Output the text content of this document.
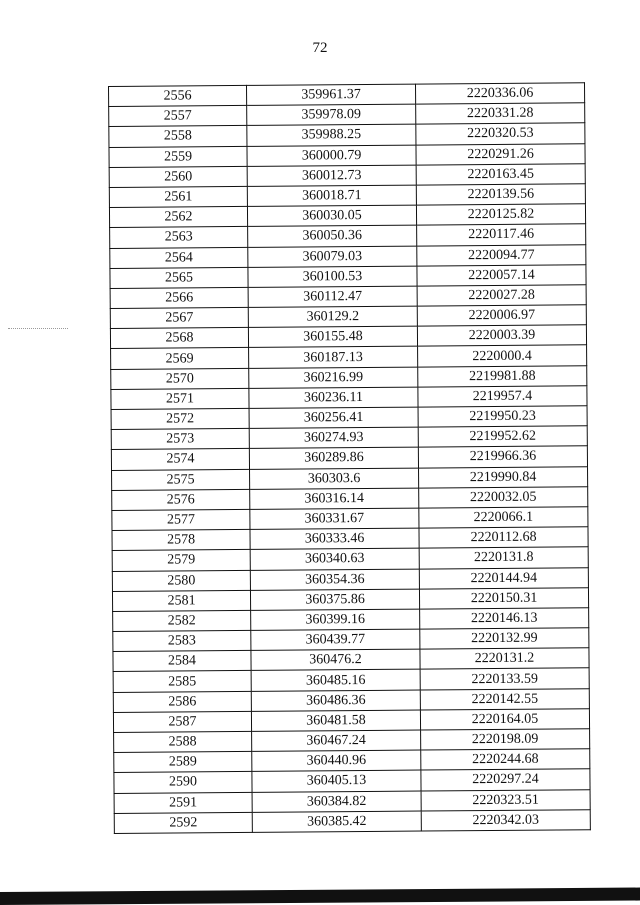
72
2556	359961.37	2220336.06
2557	359978.09	2220331.28
2558	359988.25	2220320.53
2559	360000.79	2220291.26
2560	360012.73	2220163.45
2561	360018.71	2220139.56
2562	360030.05	2220125.82
2563	360050.36	2220117.46
2564	360079.03	2220094.77
2565	360100.53	2220057.14
2566	360112.47	2220027.28
2567	360129.2	2220006.97
2568	360155.48	2220003.39
2569	360187.13	2220000.4
2570	360216.99	2219981.88
2571	360236.11	2219957.4
2572	360256.41	2219950.23
2573	360274.93	2219952.62
2574	360289.86	2219966.36
2575	360303.6	2219990.84
2576	360316.14	2220032.05
2577	360331.67	2220066.1
2578	360333.46	2220112.68
2579	360340.63	2220131.8
2580	360354.36	2220144.94
2581	360375.86	2220150.31
2582	360399.16	2220146.13
2583	360439.77	2220132.99
2584	360476.2	2220131.2
2585	360485.16	2220133.59
2586	360486.36	2220142.55
2587	360481.58	2220164.05
2588	360467.24	2220198.09
2589	360440.96	2220244.68
2590	360405.13	2220297.24
2591	360384.82	2220323.51
2592	360385.42	2220342.03
